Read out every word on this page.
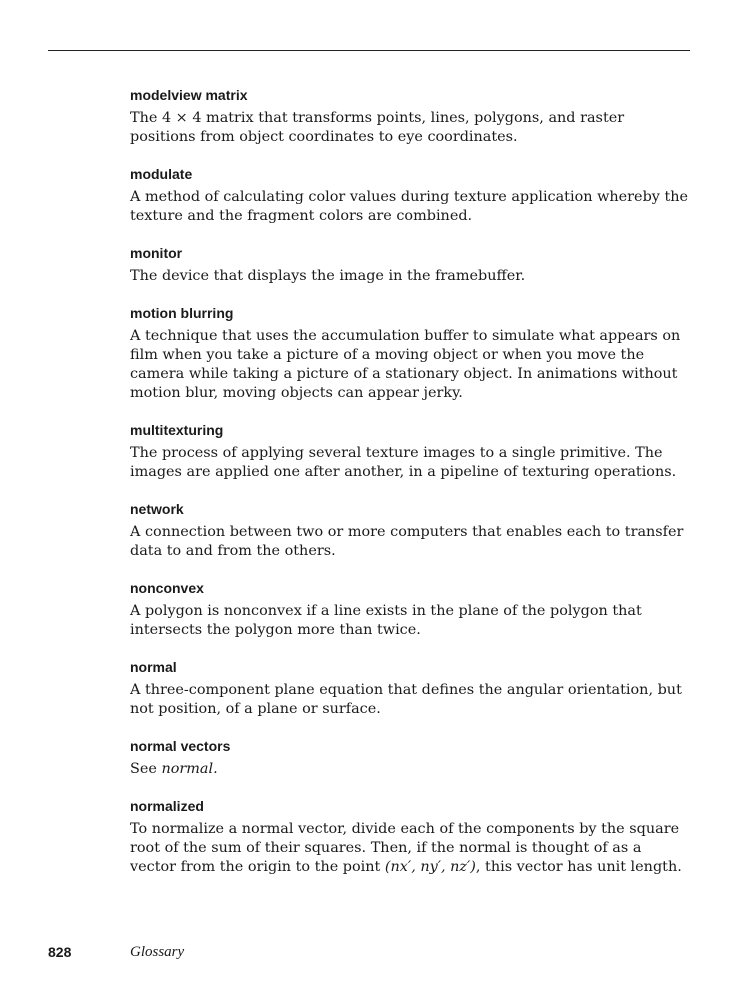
modelview matrix

The 4 × 4 matrix that transforms points, lines, polygons, and raster positions from object coordinates to eye coordinates.

modulate

A method of calculating color values during texture application whereby the texture and the fragment colors are combined.

monitor

The device that displays the image in the framebuffer.

motion blurring

A technique that uses the accumulation buffer to simulate what appears on film when you take a picture of a moving object or when you move the camera while taking a picture of a stationary object. In animations without motion blur, moving objects can appear jerky.

multitexturing

The process of applying several texture images to a single primitive. The images are applied one after another, in a pipeline of texturing operations.

network

A connection between two or more computers that enables each to transfer data to and from the others.

nonconvex

A polygon is nonconvex if a line exists in the plane of the polygon that intersects the polygon more than twice.

normal

A three-component plane equation that defines the angular orientation, but not position, of a plane or surface.

normal vectors

See normal.

normalized

To normalize a normal vector, divide each of the components by the square root of the sum of their squares. Then, if the normal is thought of as a vector from the origin to the point (nx′, ny′, nz′), this vector has unit length.

828	Glossary
